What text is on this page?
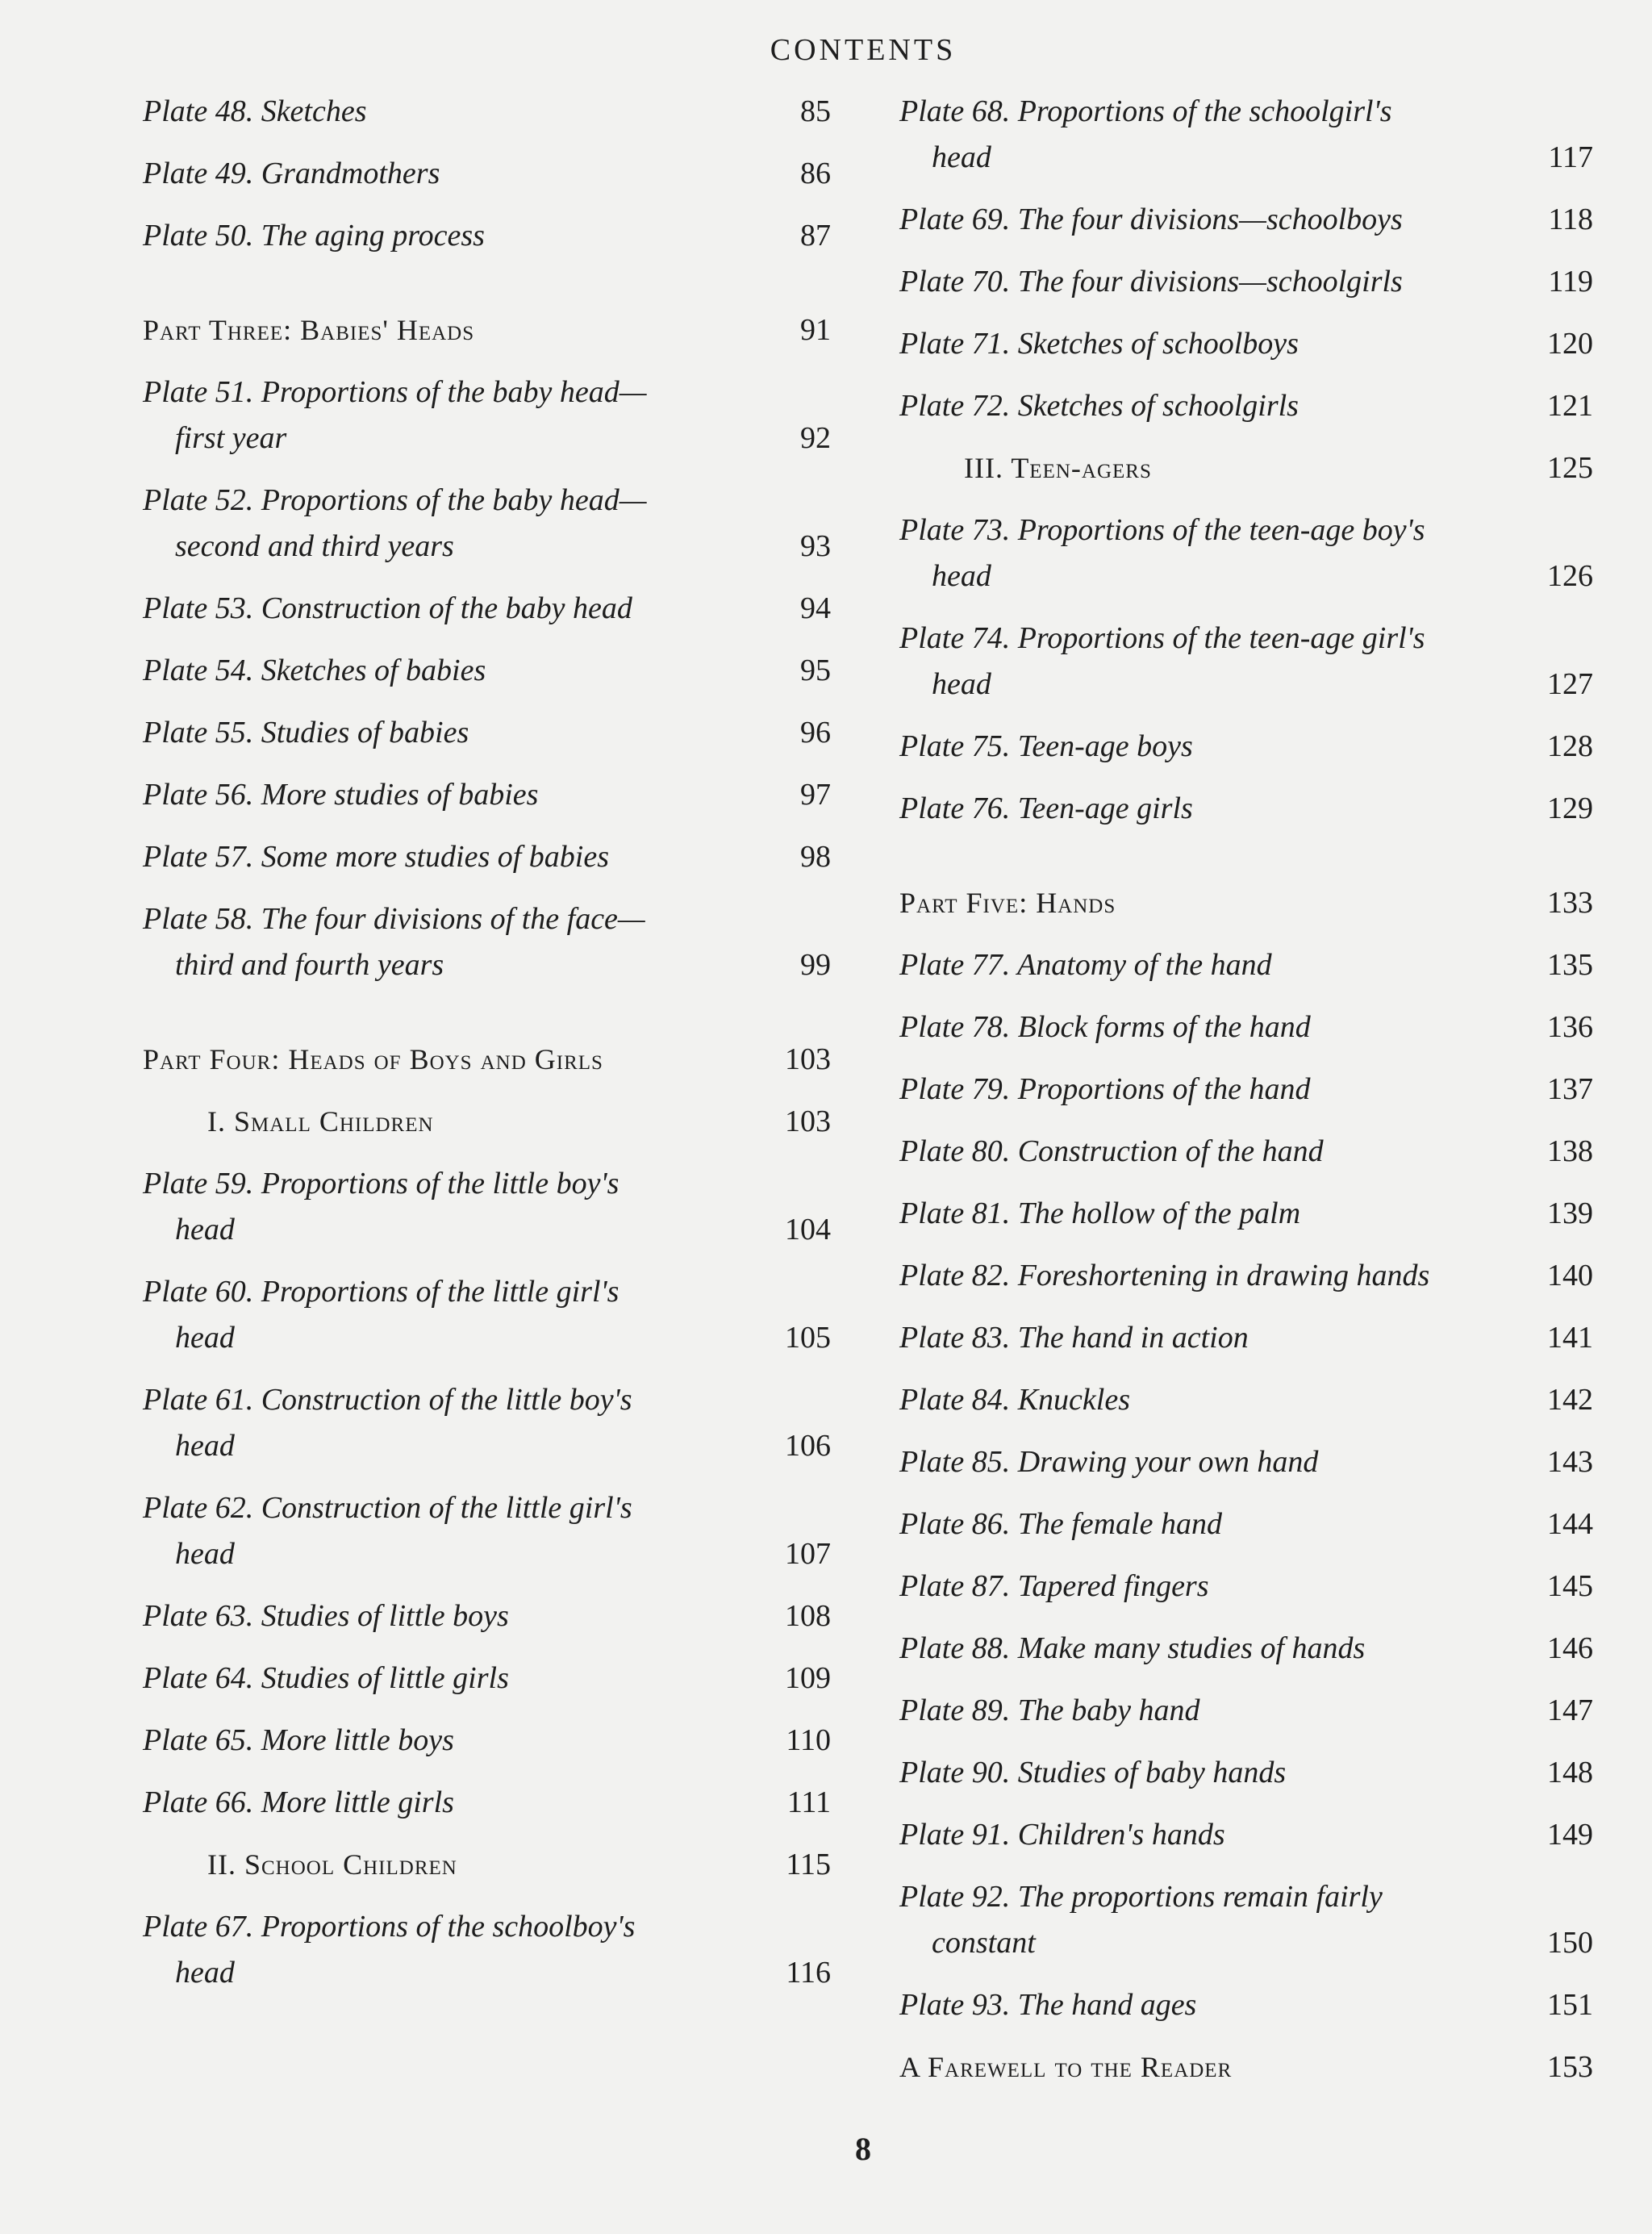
CONTENTS
Plate 48. Sketches	85
Plate 49. Grandmothers	86
Plate 50. The aging process	87
Part Three: Babies' Heads	91
Plate 51. Proportions of the baby head—
first year	92
Plate 52. Proportions of the baby head—
second and third years	93
Plate 53. Construction of the baby head	94
Plate 54. Sketches of babies	95
Plate 55. Studies of babies	96
Plate 56. More studies of babies	97
Plate 57. Some more studies of babies	98
Plate 58. The four divisions of the face—
third and fourth years	99
Part Four: Heads of Boys and Girls	103
I. Small Children	103
Plate 59. Proportions of the little boy's
head	104
Plate 60. Proportions of the little girl's
head	105
Plate 61. Construction of the little boy's
head	106
Plate 62. Construction of the little girl's
head	107
Plate 63. Studies of little boys	108
Plate 64. Studies of little girls	109
Plate 65. More little boys	110
Plate 66. More little girls	111
II. School Children	115
Plate 67. Proportions of the schoolboy's
head	116
Plate 68. Proportions of the schoolgirl's
head	117
Plate 69. The four divisions—schoolboys	118
Plate 70. The four divisions—schoolgirls	119
Plate 71. Sketches of schoolboys	120
Plate 72. Sketches of schoolgirls	121
III. Teen-agers	125
Plate 73. Proportions of the teen-age boy's
head	126
Plate 74. Proportions of the teen-age girl's
head	127
Plate 75. Teen-age boys	128
Plate 76. Teen-age girls	129
Part Five: Hands	133
Plate 77. Anatomy of the hand	135
Plate 78. Block forms of the hand	136
Plate 79. Proportions of the hand	137
Plate 80. Construction of the hand	138
Plate 81. The hollow of the palm	139
Plate 82. Foreshortening in drawing hands	140
Plate 83. The hand in action	141
Plate 84. Knuckles	142
Plate 85. Drawing your own hand	143
Plate 86. The female hand	144
Plate 87. Tapered fingers	145
Plate 88. Make many studies of hands	146
Plate 89. The baby hand	147
Plate 90. Studies of baby hands	148
Plate 91. Children's hands	149
Plate 92. The proportions remain fairly
constant	150
Plate 93. The hand ages	151
A Farewell to the Reader	153
8
